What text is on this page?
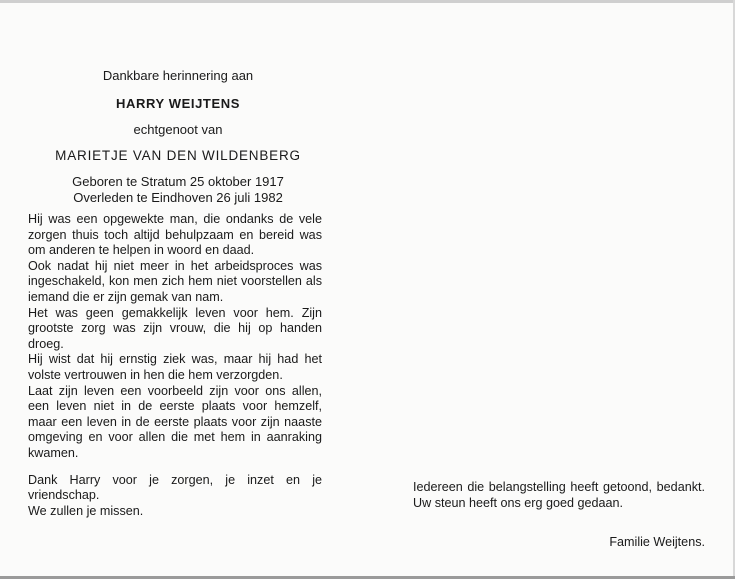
Dankbare herinnering aan
HARRY WEIJTENS
echtgenoot van
MARIETJE VAN DEN WILDENBERG
Geboren te Stratum 25 oktober 1917
Overleden te Eindhoven 26 juli 1982

Hij was een opgewekte man, die ondanks de vele zorgen thuis toch altijd behulpzaam en bereid was om anderen te helpen in woord en daad.

Ook nadat hij niet meer in het arbeidsproces was ingeschakeld, kon men zich hem niet voorstellen als iemand die er zijn gemak van nam.

Het was geen gemakkelijk leven voor hem. Zijn grootste zorg was zijn vrouw, die hij op handen droeg.

Hij wist dat hij ernstig ziek was, maar hij had het volste vertrouwen in hen die hem verzorgden.

Laat zijn leven een voorbeeld zijn voor ons allen, een leven niet in de eerste plaats voor hemzelf, maar een leven in de eerste plaats voor zijn naaste omgeving en voor allen die met hem in aanraking kwamen.

Dank Harry voor je zorgen, je inzet en je vriendschap.

We zullen je missen.

Iedereen die belangstelling heeft getoond, bedankt. Uw steun heeft ons erg goed gedaan.
Familie Weijtens.
